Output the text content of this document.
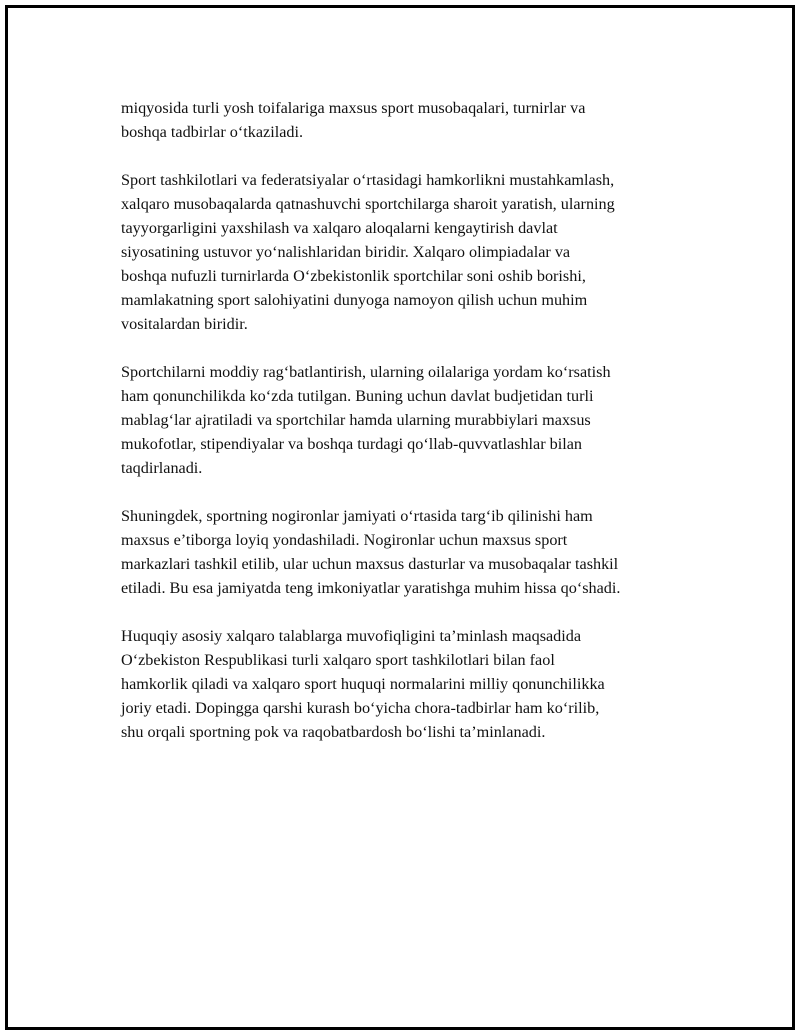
miqyosida turli yosh toifalariga maxsus sport musobaqalari, turnirlar va
boshqa tadbirlar o‘tkaziladi.

Sport tashkilotlari va federatsiyalar o‘rtasidagi hamkorlikni mustahkamlash,
xalqaro musobaqalarda qatnashuvchi sportchilarga sharoit yaratish, ularning
tayyorgarligini yaxshilash va xalqaro aloqalarni kengaytirish davlat
siyosatining ustuvor yo‘nalishlaridan biridir. Xalqaro olimpiadalar va
boshqa nufuzli turnirlarda O‘zbekistonlik sportchilar soni oshib borishi,
mamlakatning sport salohiyatini dunyoga namoyon qilish uchun muhim
vositalardan biridir.

Sportchilarni moddiy rag‘batlantirish, ularning oilalariga yordam ko‘rsatish
ham qonunchilikda ko‘zda tutilgan. Buning uchun davlat budjetidan turli
mablag‘lar ajratiladi va sportchilar hamda ularning murabbiylari maxsus
mukofotlar, stipendiyalar va boshqa turdagi qo‘llab-quvvatlashlar bilan
taqdirlanadi.

Shuningdek, sportning nogironlar jamiyati o‘rtasida targ‘ib qilinishi ham
maxsus e’tiborga loyiq yondashiladi. Nogironlar uchun maxsus sport
markazlari tashkil etilib, ular uchun maxsus dasturlar va musobaqalar tashkil
etiladi. Bu esa jamiyatda teng imkoniyatlar yaratishga muhim hissa qo‘shadi.

Huquqiy asosiy xalqaro talablarga muvofiqligini ta’minlash maqsadida
O‘zbekiston Respublikasi turli xalqaro sport tashkilotlari bilan faol
hamkorlik qiladi va xalqaro sport huquqi normalarini milliy qonunchilikka
joriy etadi. Dopingga qarshi kurash bo‘yicha chora-tadbirlar ham ko‘rilib,
shu orqali sportning pok va raqobatbardosh bo‘lishi ta’minlanadi.
